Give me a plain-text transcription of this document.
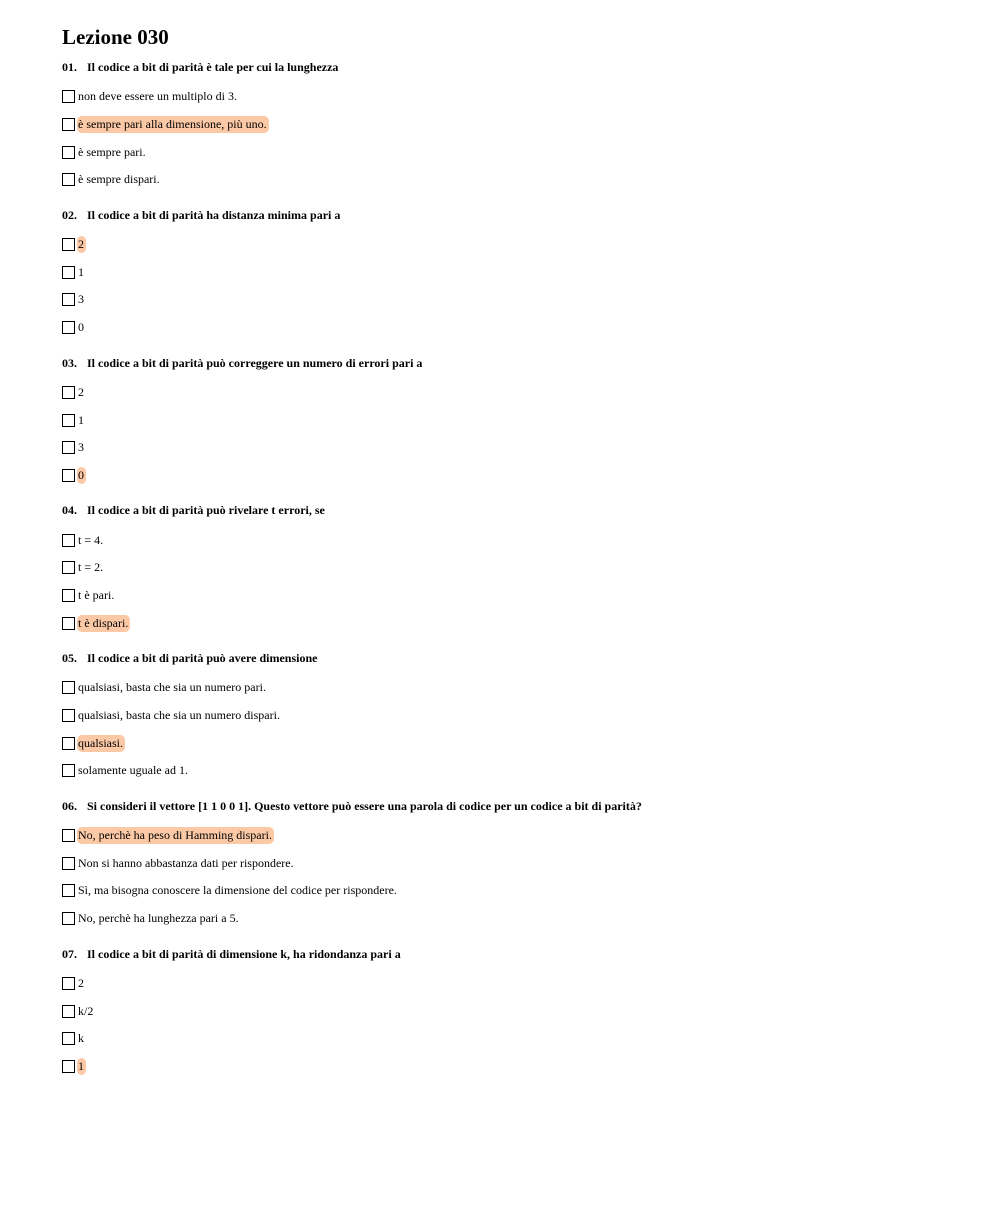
Lezione 030
01. Il codice a bit di parità è tale per cui la lunghezza
non deve essere un multiplo di 3.
è sempre pari alla dimensione, più uno.
è sempre pari.
è sempre dispari.
02. Il codice a bit di parità ha distanza minima pari a
2
1
3
0
03. Il codice a bit di parità può correggere un numero di errori pari a
2
1
3
0
04. Il codice a bit di parità può rivelare t errori, se
t = 4.
t = 2.
t è pari.
t è dispari.
05. Il codice a bit di parità può avere dimensione
qualsiasi, basta che sia un numero pari.
qualsiasi, basta che sia un numero dispari.
qualsiasi.
solamente uguale ad 1.
06. Si consideri il vettore [1 1 0 0 1]. Questo vettore può essere una parola di codice per un codice a bit di parità?
No, perchè ha peso di Hamming dispari.
Non si hanno abbastanza dati per rispondere.
Sì, ma bisogna conoscere la dimensione del codice per rispondere.
No, perchè ha lunghezza pari a 5.
07. Il codice a bit di parità di dimensione k, ha ridondanza pari a
2
k/2
k
1
